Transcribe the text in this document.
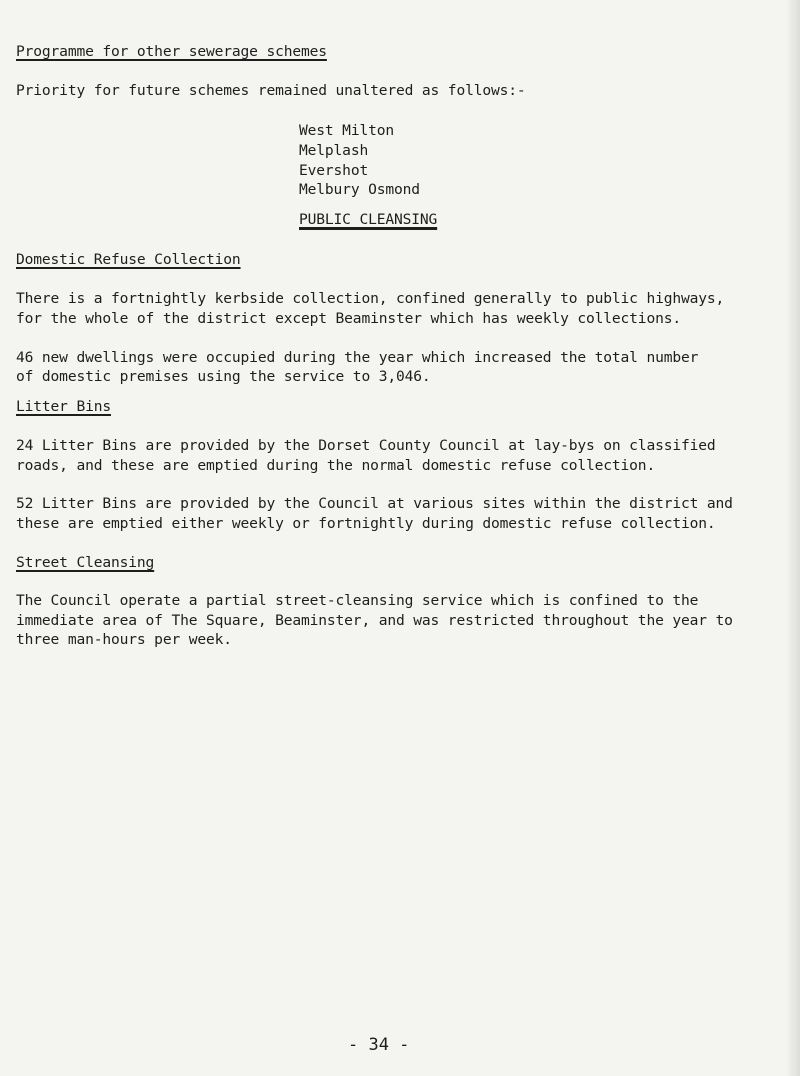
Programme for other sewerage schemes
Priority for future schemes remained unaltered as follows:-
West Milton
Melplash
Evershot
Melbury Osmond
PUBLIC CLEANSING
Domestic Refuse Collection
There is a fortnightly kerbside collection, confined generally to public highways,
for the whole of the district except Beaminster which has weekly collections.
46 new dwellings were occupied during the year which increased the total number
of domestic premises using the service to 3,046.
Litter Bins
24 Litter Bins are provided by the Dorset County Council at lay-bys on classified
roads, and these are emptied during the normal domestic refuse collection.
52 Litter Bins are provided by the Council at various sites within the district and
these are emptied either weekly or fortnightly during domestic refuse collection.
Street Cleansing
The Council operate a partial street-cleansing service which is confined to the
immediate area of The Square, Beaminster, and was restricted throughout the year to
three man-hours per week.
- 34 -
